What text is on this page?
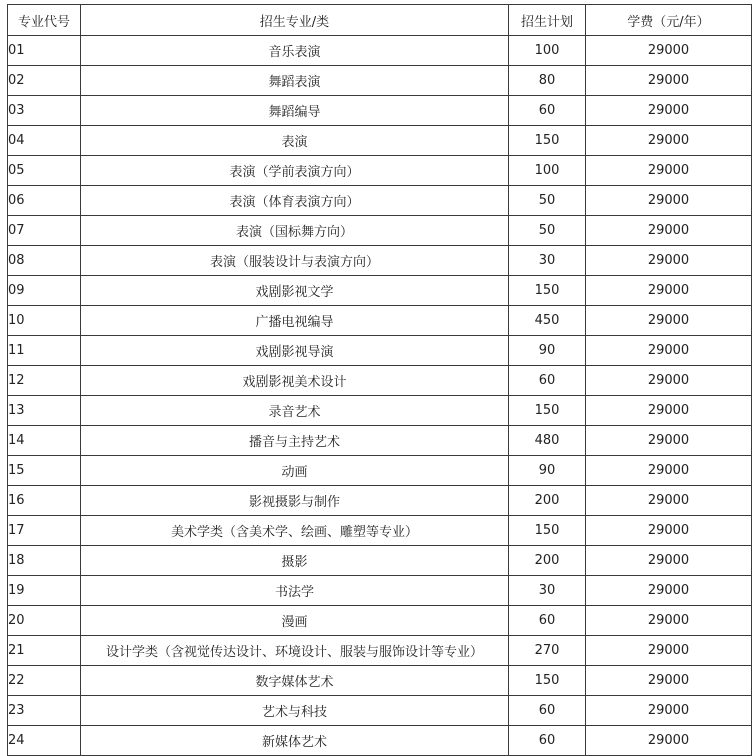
专业代号	招生专业/类	招生计划	学费（元/年）
01	音乐表演	100	29000
02	舞蹈表演	80	29000
03	舞蹈编导	60	29000
04	表演	150	29000
05	表演（学前表演方向）	100	29000
06	表演（体育表演方向）	50	29000
07	表演（国标舞方向）	50	29000
08	表演（服装设计与表演方向）	30	29000
09	戏剧影视文学	150	29000
10	广播电视编导	450	29000
11	戏剧影视导演	90	29000
12	戏剧影视美术设计	60	29000
13	录音艺术	150	29000
14	播音与主持艺术	480	29000
15	动画	90	29000
16	影视摄影与制作	200	29000
17	美术学类（含美术学、绘画、雕塑等专业）	150	29000
18	摄影	200	29000
19	书法学	30	29000
20	漫画	60	29000
21	设计学类（含视觉传达设计、环境设计、服装与服饰设计等专业）	270	29000
22	数字媒体艺术	150	29000
23	艺术与科技	60	29000
24	新媒体艺术	60	29000
